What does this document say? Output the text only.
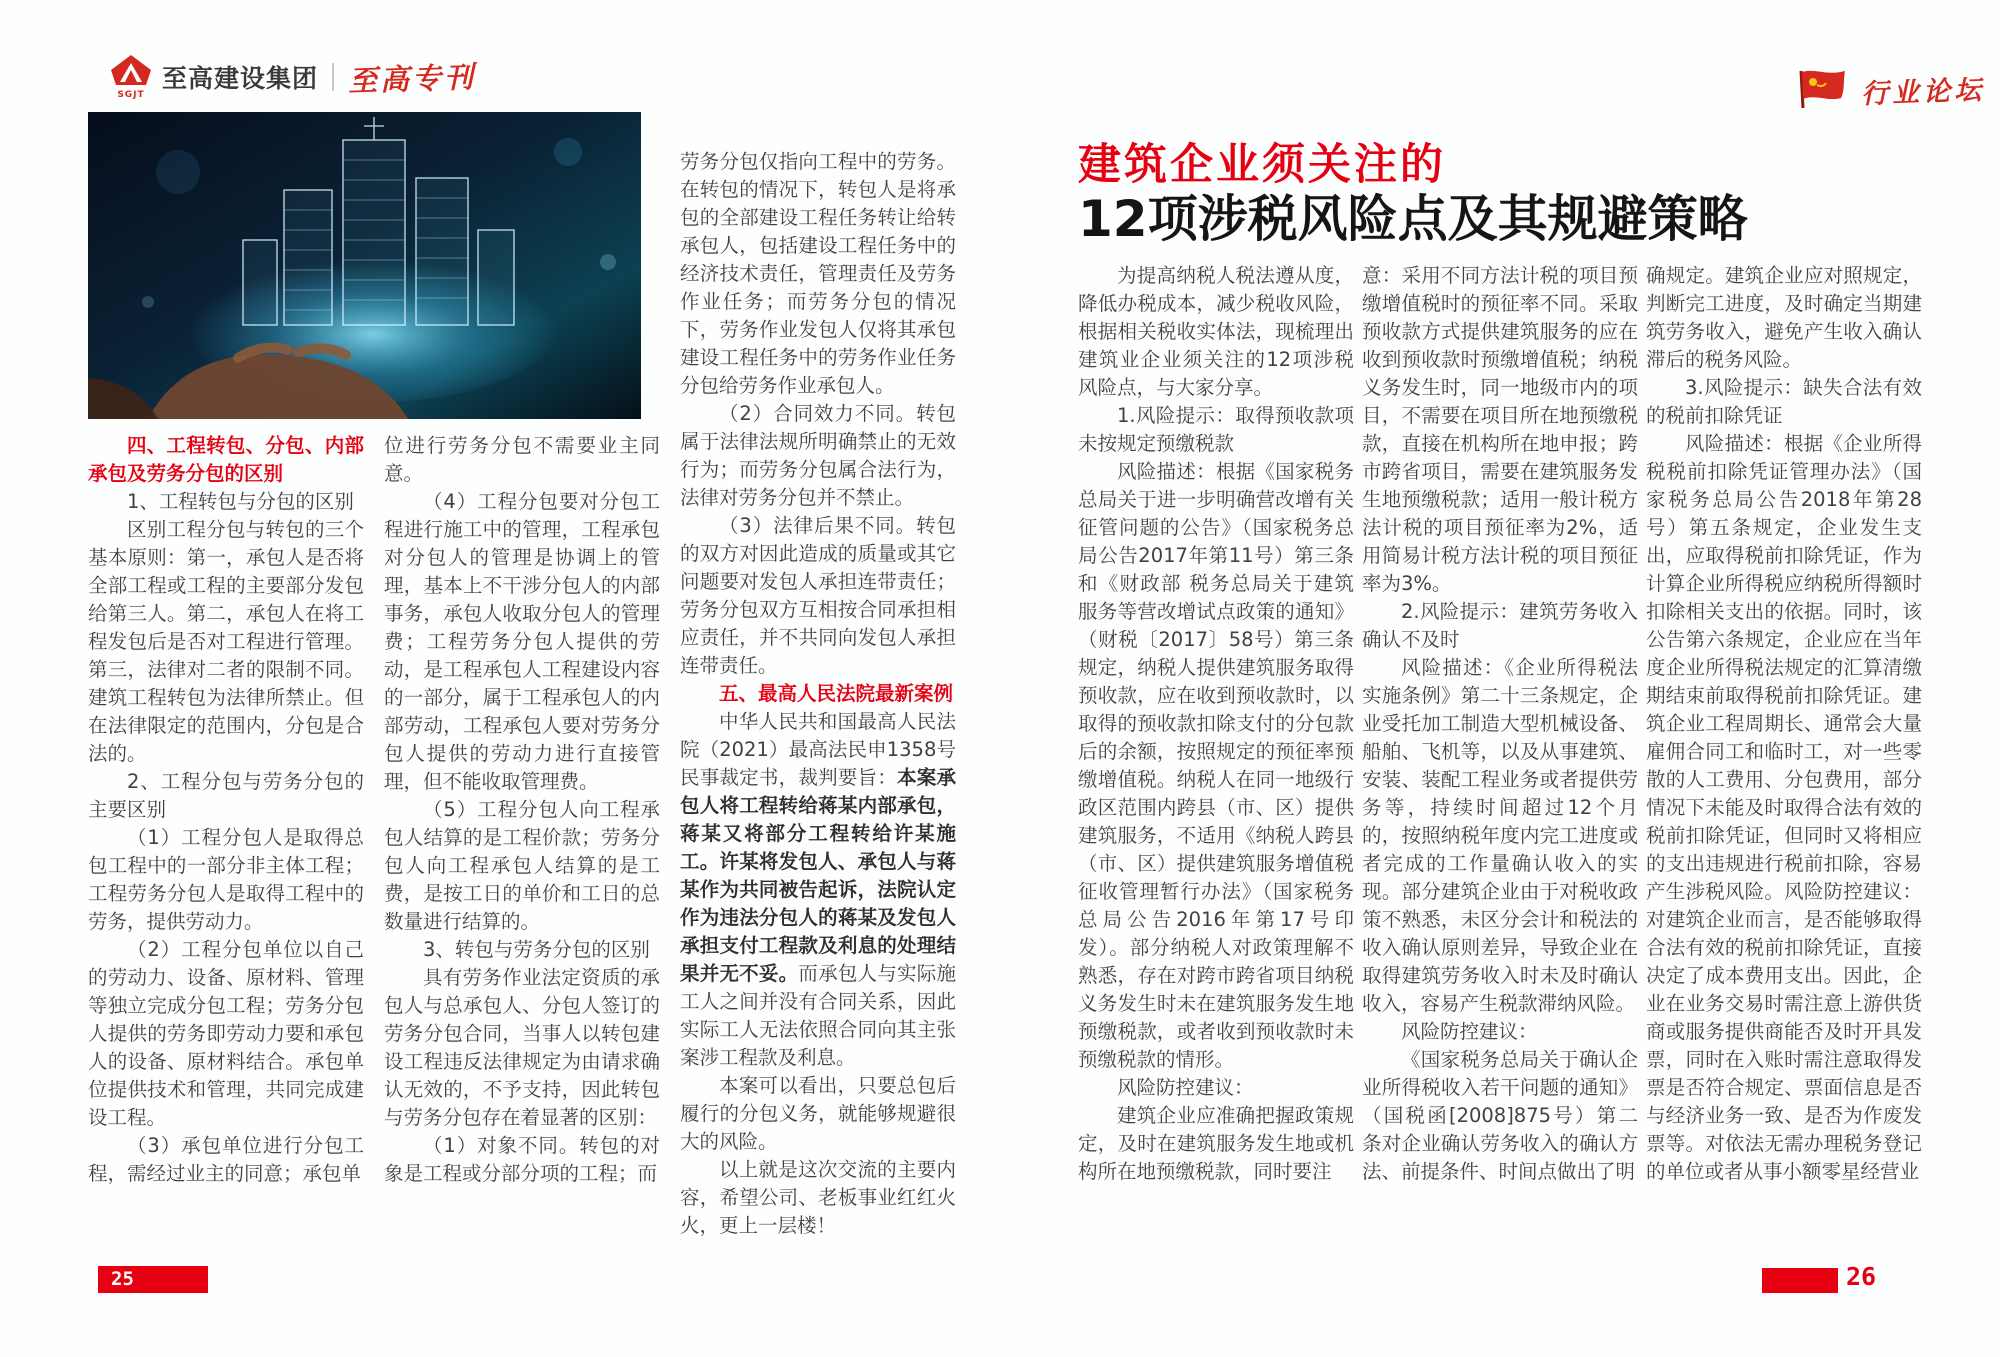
SGJT
至高建设集团 至高专刊	行业论坛

四、工程转包、分包、内部承包及劳务分包的区别

1、工程转包与分包的区别

区别工程分包与转包的三个基本原则：第一，承包人是否将全部工程或工程的主要部分发包给第三人。第二，承包人在将工程发包后是否对工程进行管理。第三，法律对二者的限制不同。建筑工程转包为法律所禁止。但在法律限定的范围内，分包是合法的。

2、工程分包与劳务分包的主要区别

（1）工程分包人是取得总包工程中的一部分非主体工程；工程劳务分包人是取得工程中的劳务，提供劳动力。

（2）工程分包单位以自己的劳动力、设备、原材料、管理等独立完成分包工程；劳务分包人提供的劳务即劳动力要和承包人的设备、原材料结合。承包单位提供技术和管理，共同完成建设工程。

（3）承包单位进行分包工程，需经过业主的同意；承包单

位进行劳务分包不需要业主同意。

（4）工程分包要对分包工程进行施工中的管理，工程承包对分包人的管理是协调上的管理，基本上不干涉分包人的内部事务，承包人收取分包人的管理费；工程劳务分包人提供的劳动，是工程承包人工程建设内容的一部分，属于工程承包人的内部劳动，工程承包人要对劳务分包人提供的劳动力进行直接管理，但不能收取管理费。

（5）工程分包人向工程承包人结算的是工程价款；劳务分包人向工程承包人结算的是工费，是按工日的单价和工日的总数量进行结算的。

3、转包与劳务分包的区别

具有劳务作业法定资质的承包人与总承包人、分包人签订的劳务分包合同，当事人以转包建设工程违反法律规定为由请求确认无效的，不予支持，因此转包与劳务分包存在着显著的区别：

（1）对象不同。转包的对象是工程或分部分项的工程；而

劳务分包仅指向工程中的劳务。在转包的情况下，转包人是将承包的全部建设工程任务转让给转承包人，包括建设工程任务中的经济技术责任，管理责任及劳务作业任务；而劳务分包的情况下，劳务作业发包人仅将其承包建设工程任务中的劳务作业任务分包给劳务作业承包人。

（2）合同效力不同。转包属于法律法规所明确禁止的无效行为；而劳务分包属合法行为，法律对劳务分包并不禁止。

（3）法律后果不同。转包的双方对因此造成的质量或其它问题要对发包人承担连带责任；劳务分包双方互相按合同承担相应责任，并不共同向发包人承担连带责任。

五、最高人民法院最新案例

中华人民共和国最高人民法院（2021）最高法民申1358号民事裁定书，裁判要旨：本案承包人将工程转给蒋某内部承包，蒋某又将部分工程转给许某施工。许某将发包人、承包人与蒋某作为共同被告起诉，法院认定作为违法分包人的蒋某及发包人承担支付工程款及利息的处理结果并无不妥。而承包人与实际施工人之间并没有合同关系，因此实际工人无法依照合同向其主张案涉工程款及利息。

本案可以看出，只要总包后履行的分包义务，就能够规避很大的风险。

以上就是这次交流的主要内容，希望公司、老板事业红红火火，更上一层楼！

建筑企业须关注的
12项涉税风险点及其规避策略

为提高纳税人税法遵从度，降低办税成本，减少税收风险，根据相关税收实体法，现梳理出建筑业企业须关注的12项涉税风险点，与大家分享。

1.风险提示：取得预收款项未按规定预缴税款

风险描述：根据《国家税务总局关于进一步明确营改增有关征管问题的公告》（国家税务总局公告2017年第11号）第三条和《财政部 税务总局关于建筑服务等营改增试点政策的通知》（财税〔2017〕58号）第三条规定，纳税人提供建筑服务取得预收款，应在收到预收款时，以取得的预收款扣除支付的分包款后的余额，按照规定的预征率预缴增值税。纳税人在同一地级行政区范围内跨县（市、区）提供建筑服务，不适用《纳税人跨县（市、区）提供建筑服务增值税征收管理暂行办法》（国家税务总局公告2016年第17号印发）。部分纳税人对政策理解不熟悉，存在对跨市跨省项目纳税义务发生时未在建筑服务发生地预缴税款，或者收到预收款时未预缴税款的情形。

风险防控建议：

建筑企业应准确把握政策规定，及时在建筑服务发生地或机构所在地预缴税款，同时要注

意：采用不同方法计税的项目预缴增值税时的预征率不同。采取预收款方式提供建筑服务的应在收到预收款时预缴增值税；纳税义务发生时，同一地级市内的项目，不需要在项目所在地预缴税款，直接在机构所在地申报；跨市跨省项目，需要在建筑服务发生地预缴税款；适用一般计税方法计税的项目预征率为2%，适用简易计税方法计税的项目预征率为3%。

2.风险提示：建筑劳务收入确认不及时

风险描述：《企业所得税法实施条例》第二十三条规定，企业受托加工制造大型机械设备、船舶、飞机等，以及从事建筑、安装、装配工程业务或者提供劳务等，持续时间超过12个月的，按照纳税年度内完工进度或者完成的工作量确认收入的实现。部分建筑企业由于对税收政策不熟悉，未区分会计和税法的收入确认原则差异，导致企业在取得建筑劳务收入时未及时确认收入，容易产生税款滞纳风险。

风险防控建议：

《国家税务总局关于确认企业所得税收入若干问题的通知》（国税函[2008]875号）第二条对企业确认劳务收入的确认方法、前提条件、时间点做出了明

确规定。建筑企业应对照规定，判断完工进度，及时确定当期建筑劳务收入，避免产生收入确认滞后的税务风险。

3.风险提示：缺失合法有效的税前扣除凭证

风险描述：根据《企业所得税税前扣除凭证管理办法》（国家税务总局公告2018年第28号）第五条规定，企业发生支出，应取得税前扣除凭证，作为计算企业所得税应纳税所得额时扣除相关支出的依据。同时，该公告第六条规定，企业应在当年度企业所得税法规定的汇算清缴期结束前取得税前扣除凭证。建筑企业工程周期长、通常会大量雇佣合同工和临时工，对一些零散的人工费用、分包费用，部分情况下未能及时取得合法有效的税前扣除凭证，但同时又将相应的支出违规进行税前扣除，容易产生涉税风险。风险防控建议：对建筑企业而言，是否能够取得合法有效的税前扣除凭证，直接决定了成本费用支出。因此，企业在业务交易时需注意上游供货商或服务提供商能否及时开具发票，同时在入账时需注意取得发票是否符合规定、票面信息是否与经济业务一致、是否为作废发票等。对依法无需办理税务登记的单位或者从事小额零星经营业

25	26
